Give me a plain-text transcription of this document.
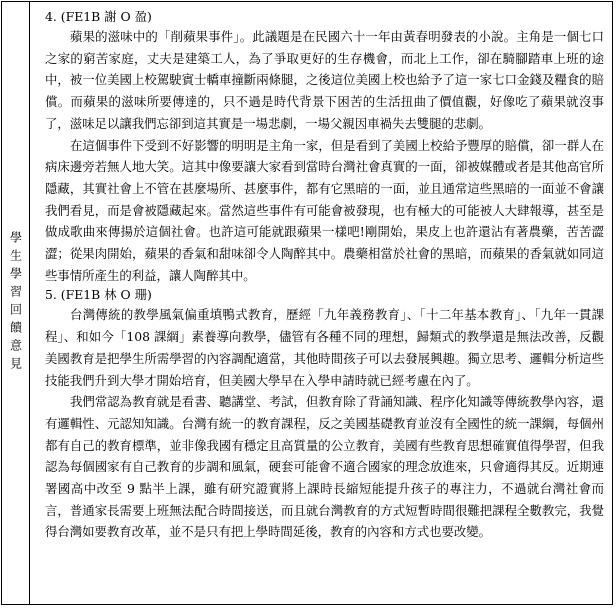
學生學習回饋意見

4. (FE1B 謝 O 盈)

蘋果的滋味中的「削蘋果事件」。此議題是在民國六十一年由黃春明發表的小說。主角是一個七口之家的窮苦家庭，丈夫是建築工人，為了爭取更好的生存機會，而北上工作，卻在騎腳踏車上班的途中，被一位美國上校駕駛賓士轎車撞斷兩條腿，之後這位美國上校也給予了這一家七口金錢及糧食的賠償。而蘋果的滋味所要傳達的，只不過是時代背景下困苦的生活扭曲了價值觀，好像吃了蘋果就沒事了，滋味足以讓我們忘卻到這其實是一場悲劇，一場父親因車禍失去雙腿的悲劇。

在這個事件下受到不好影響的明明是主角一家，但是看到了美國上校給予豐厚的賠償，卻一群人在病床邊旁若無人地大笑。這其中像要讓大家看到當時台灣社會真實的一面，卻被媒體或者是其他高官所隱藏，其實社會上不管在甚麼場所、甚麼事件，都有它黑暗的一面，並且通常這些黑暗的一面並不會讓我們看見，而是會被隱藏起來。當然這些事件有可能會被發現，也有極大的可能被人大肆報導，甚至是做成歌曲來傳揚於這個社會。也許這可能就跟蘋果一樣吧!剛開始，果皮上也許還沾有著農藥，苦苦澀澀；從果肉開始，蘋果的香氣和甜味卻令人陶醉其中。農藥相當於社會的黑暗，而蘋果的香氣就如同這些事情所產生的利益，讓人陶醉其中。

5. (FE1B 林 O 珊)

台灣傳統的教學風氣偏重填鴨式教育，歷經「九年義務教育」、「十二年基本教育」、「九年一貫課程」、和如今「108 課綱」素養導向教學，儘管有各種不同的理想，歸類式的教學還是無法改善，反觀美國教育是把學生所需學習的內容調配適當，其他時間孩子可以去發展興趣。獨立思考、邏輯分析這些技能我們升到大學才開始培育，但美國大學早在入學申請時就已經考慮在內了。

我們常認為教育就是看書、聽講堂、考試，但教育除了背誦知識、程序化知識等傳統教學內容，還有邏輯性、元認知知識。台灣有統一的教育課程，反之美國基礎教育並沒有全國性的統一課綱，每個州都有自己的教育標準，並非像我國有穩定且高質量的公立教育，美國有些教育思想確實值得學習，但我認為每個國家有自己教育的步調和風氣，硬套可能會不適合國家的理念放進來，只會適得其反。近期連署國高中改至 9 點半上課，雖有研究證實將上課時長縮短能提升孩子的專注力，不過就台灣社會而言，普通家長需要上班無法配合時間接送，而且就台灣教育的方式短暫時間很難把課程全數教完，我覺得台灣如要教育改革，並不是只有把上學時間延後，教育的內容和方式也要改變。
